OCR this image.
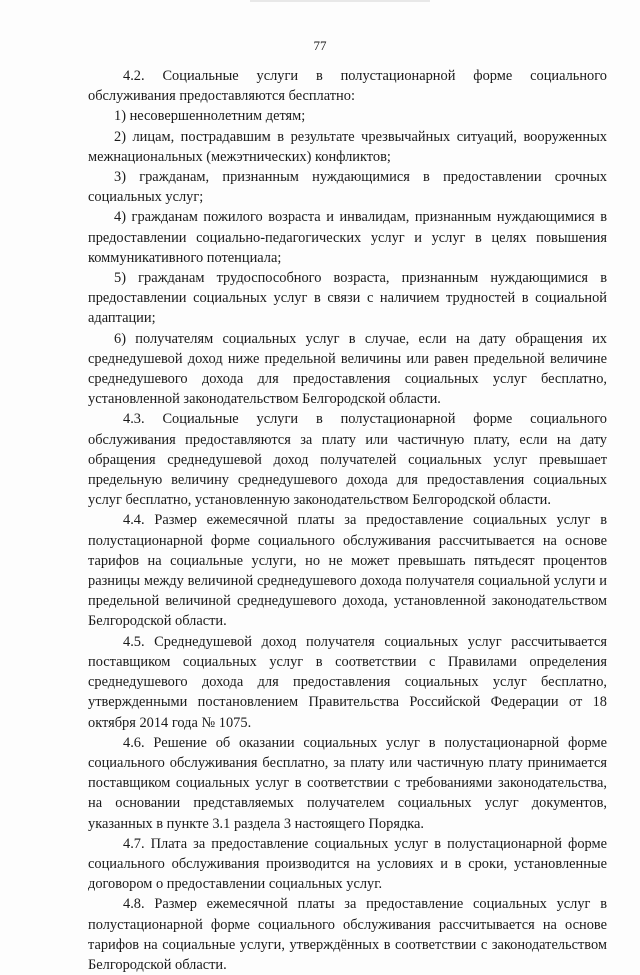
77

4.2. Социальные услуги в полустационарной форме социального обслуживания предоставляются бесплатно:

1) несовершеннолетним детям;

2) лицам, пострадавшим в результате чрезвычайных ситуаций, вооруженных межнациональных (межэтнических) конфликтов;

3) гражданам, признанным нуждающимися в предоставлении срочных социальных услуг;

4) гражданам пожилого возраста и инвалидам, признанным нуждающимися в предоставлении социально-педагогических услуг и услуг в целях повышения коммуникативного потенциала;

5) гражданам трудоспособного возраста, признанным нуждающимися в предоставлении социальных услуг в связи с наличием трудностей в социальной адаптации;

6) получателям социальных услуг в случае, если на дату обращения их среднедушевой доход ниже предельной величины или равен предельной величине среднедушевого дохода для предоставления социальных услуг бесплатно, установленной законодательством Белгородской области.

4.3. Социальные услуги в полустационарной форме социального обслуживания предоставляются за плату или частичную плату, если на дату обращения среднедушевой доход получателей социальных услуг превышает предельную величину среднедушевого дохода для предоставления социальных услуг бесплатно, установленную законодательством Белгородской области.

4.4. Размер ежемесячной платы за предоставление социальных услуг в полустационарной форме социального обслуживания рассчитывается на основе тарифов на социальные услуги, но не может превышать пятьдесят процентов разницы между величиной среднедушевого дохода получателя социальной услуги и предельной величиной среднедушевого дохода, установленной законодательством Белгородской области.

4.5. Среднедушевой доход получателя социальных услуг рассчитывается поставщиком социальных услуг в соответствии с Правилами определения среднедушевого дохода для предоставления социальных услуг бесплатно, утвержденными постановлением Правительства Российской Федерации от 18 октября 2014 года № 1075.

4.6. Решение об оказании социальных услуг в полустационарной форме социального обслуживания бесплатно, за плату или частичную плату принимается поставщиком социальных услуг в соответствии с требованиями законодательства, на основании представляемых получателем социальных услуг документов, указанных в пункте 3.1 раздела 3 настоящего Порядка.

4.7. Плата за предоставление социальных услуг в полустационарной форме социального обслуживания производится на условиях и в сроки, установленные договором о предоставлении социальных услуг.

4.8. Размер ежемесячной платы за предоставление социальных услуг в полустационарной форме социального обслуживания рассчитывается на основе тарифов на социальные услуги, утверждённых в соответствии с законодательством Белгородской области.
